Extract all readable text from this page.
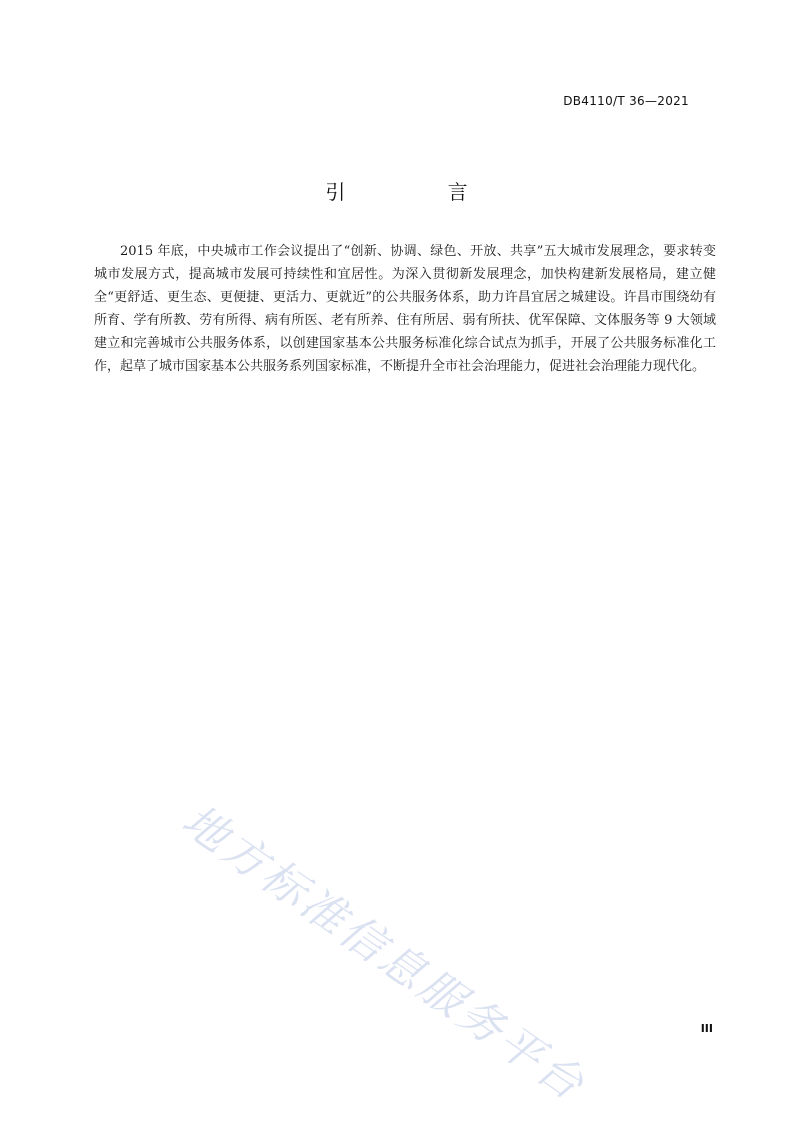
DB4110/T 36—2021
引 言

2015 年底，中央城市工作会议提出了“创新、协调、绿色、开放、共享”五大城市发展理念，要求转变城市发展方式，提高城市发展可持续性和宜居性。为深入贯彻新发展理念，加快构建新发展格局，建立健全“更舒适、更生态、更便捷、更活力、更就近”的公共服务体系，助力许昌宜居之城建设。许昌市围绕幼有所育、学有所教、劳有所得、病有所医、老有所养、住有所居、弱有所扶、优军保障、文体服务等 9 大领域建立和完善城市公共服务体系，以创建国家基本公共服务标准化综合试点为抓手，开展了公共服务标准化工作，起草了城市国家基本公共服务系列国家标准，不断提升全市社会治理能力，促进社会治理能力现代化。

地方标准信息服务平台	III
